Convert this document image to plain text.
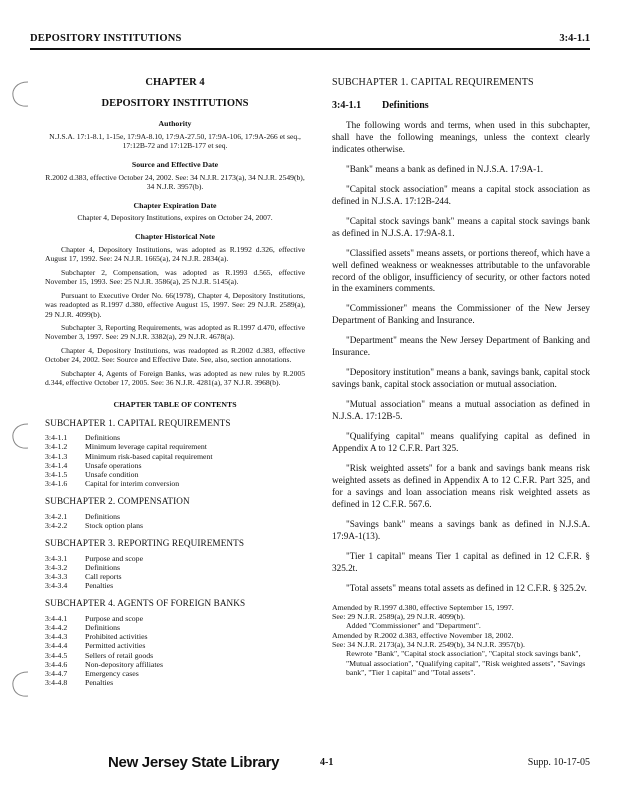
DEPOSITORY INSTITUTIONS	3:4-1.1
CHAPTER 4
DEPOSITORY INSTITUTIONS
Authority
N.J.S.A. 17:1-8.1, 1-15e, 17:9A-8.10, 17:9A-27.50, 17:9A-106, 17:9A-266 et seq., 17:12B-72 and 17:12B-177 et seq.
Source and Effective Date
R.2002 d.383, effective October 24, 2002. See: 34 N.J.R. 2173(a), 34 N.J.R. 2549(b), 34 N.J.R. 3957(b).
Chapter Expiration Date
Chapter 4, Depository Institutions, expires on October 24, 2007.
Chapter Historical Note
Chapter 4, Depository Institutions, was adopted as R.1992 d.326, effective August 17, 1992. See: 24 N.J.R. 1665(a), 24 N.J.R. 2834(a).
Subchapter 2, Compensation, was adopted as R.1993 d.565, effective November 15, 1993. See: 25 N.J.R. 3586(a), 25 N.J.R. 5145(a).
Pursuant to Executive Order No. 66(1978), Chapter 4, Depository Institutions, was readopted as R.1997 d.380, effective August 15, 1997. See: 29 N.J.R. 2589(a), 29 N.J.R. 4099(b).
Subchapter 3, Reporting Requirements, was adopted as R.1997 d.470, effective November 3, 1997. See: 29 N.J.R. 3382(a), 29 N.J.R. 4678(a).
Chapter 4, Depository Institutions, was readopted as R.2002 d.383, effective October 24, 2002. See: Source and Effective Date. See, also, section annotations.
Subchapter 4, Agents of Foreign Banks, was adopted as new rules by R.2005 d.344, effective October 17, 2005. See: 36 N.J.R. 4281(a), 37 N.J.R. 3968(b).
CHAPTER TABLE OF CONTENTS
SUBCHAPTER 1. CAPITAL REQUIREMENTS
3:4-1.1	Definitions
3:4-1.2	Minimum leverage capital requirement
3:4-1.3	Minimum risk-based capital requirement
3:4-1.4	Unsafe operations
3:4-1.5	Unsafe condition
3:4-1.6	Capital for interim conversion
SUBCHAPTER 2. COMPENSATION
3:4-2.1	Definitions
3:4-2.2	Stock option plans
SUBCHAPTER 3. REPORTING REQUIREMENTS
3:4-3.1	Purpose and scope
3:4-3.2	Definitions
3:4-3.3	Call reports
3:4-3.4	Penalties
SUBCHAPTER 4. AGENTS OF FOREIGN BANKS
3:4-4.1	Purpose and scope
3:4-4.2	Definitions
3:4-4.3	Prohibited activities
3:4-4.4	Permitted activities
3:4-4.5	Sellers of retail goods
3:4-4.6	Non-depository affiliates
3:4-4.7	Emergency cases
3:4-4.8	Penalties
SUBCHAPTER 1. CAPITAL REQUIREMENTS
3:4-1.1 Definitions
The following words and terms, when used in this subchapter, shall have the following meanings, unless the context clearly indicates otherwise.
"Bank" means a bank as defined in N.J.S.A. 17:9A-1.
"Capital stock association" means a capital stock association as defined in N.J.S.A. 17:12B-244.
"Capital stock savings bank" means a capital stock savings bank as defined in N.J.S.A. 17:9A-8.1.
"Classified assets" means assets, or portions thereof, which have a well defined weakness or weaknesses attributable to the unfavorable record of the obligor, insufficiency of security, or other factors noted in the examiners comments.
"Commissioner" means the Commissioner of the New Jersey Department of Banking and Insurance.
"Department" means the New Jersey Department of Banking and Insurance.
"Depository institution" means a bank, savings bank, capital stock savings bank, capital stock association or mutual association.
"Mutual association" means a mutual association as defined in N.J.S.A. 17:12B-5.
"Qualifying capital" means qualifying capital as defined in Appendix A to 12 C.F.R. Part 325.
"Risk weighted assets" for a bank and savings bank means risk weighted assets as defined in Appendix A to 12 C.F.R. Part 325, and for a savings and loan association means risk weighted assets as defined in 12 C.F.R. 567.6.
"Savings bank" means a savings bank as defined in N.J.S.A. 17:9A-1(13).
"Tier 1 capital" means Tier 1 capital as defined in 12 C.F.R. § 325.2t.
"Total assets" means total assets as defined in 12 C.F.R. § 325.2v.
Amended by R.1997 d.380, effective September 15, 1997.
See: 29 N.J.R. 2589(a), 29 N.J.R. 4099(b).
Added "Commissioner" and "Department".
Amended by R.2002 d.383, effective November 18, 2002.
See: 34 N.J.R. 2173(a), 34 N.J.R. 2549(b), 34 N.J.R. 3957(b).
Rewrote "Bank", "Capital stock association", "Capital stock savings bank", "Mutual association", "Qualifying capital", "Risk weighted assets", "Savings bank", "Tier 1 capital" and "Total assets".
New Jersey State Library	4-1	Supp. 10-17-05
